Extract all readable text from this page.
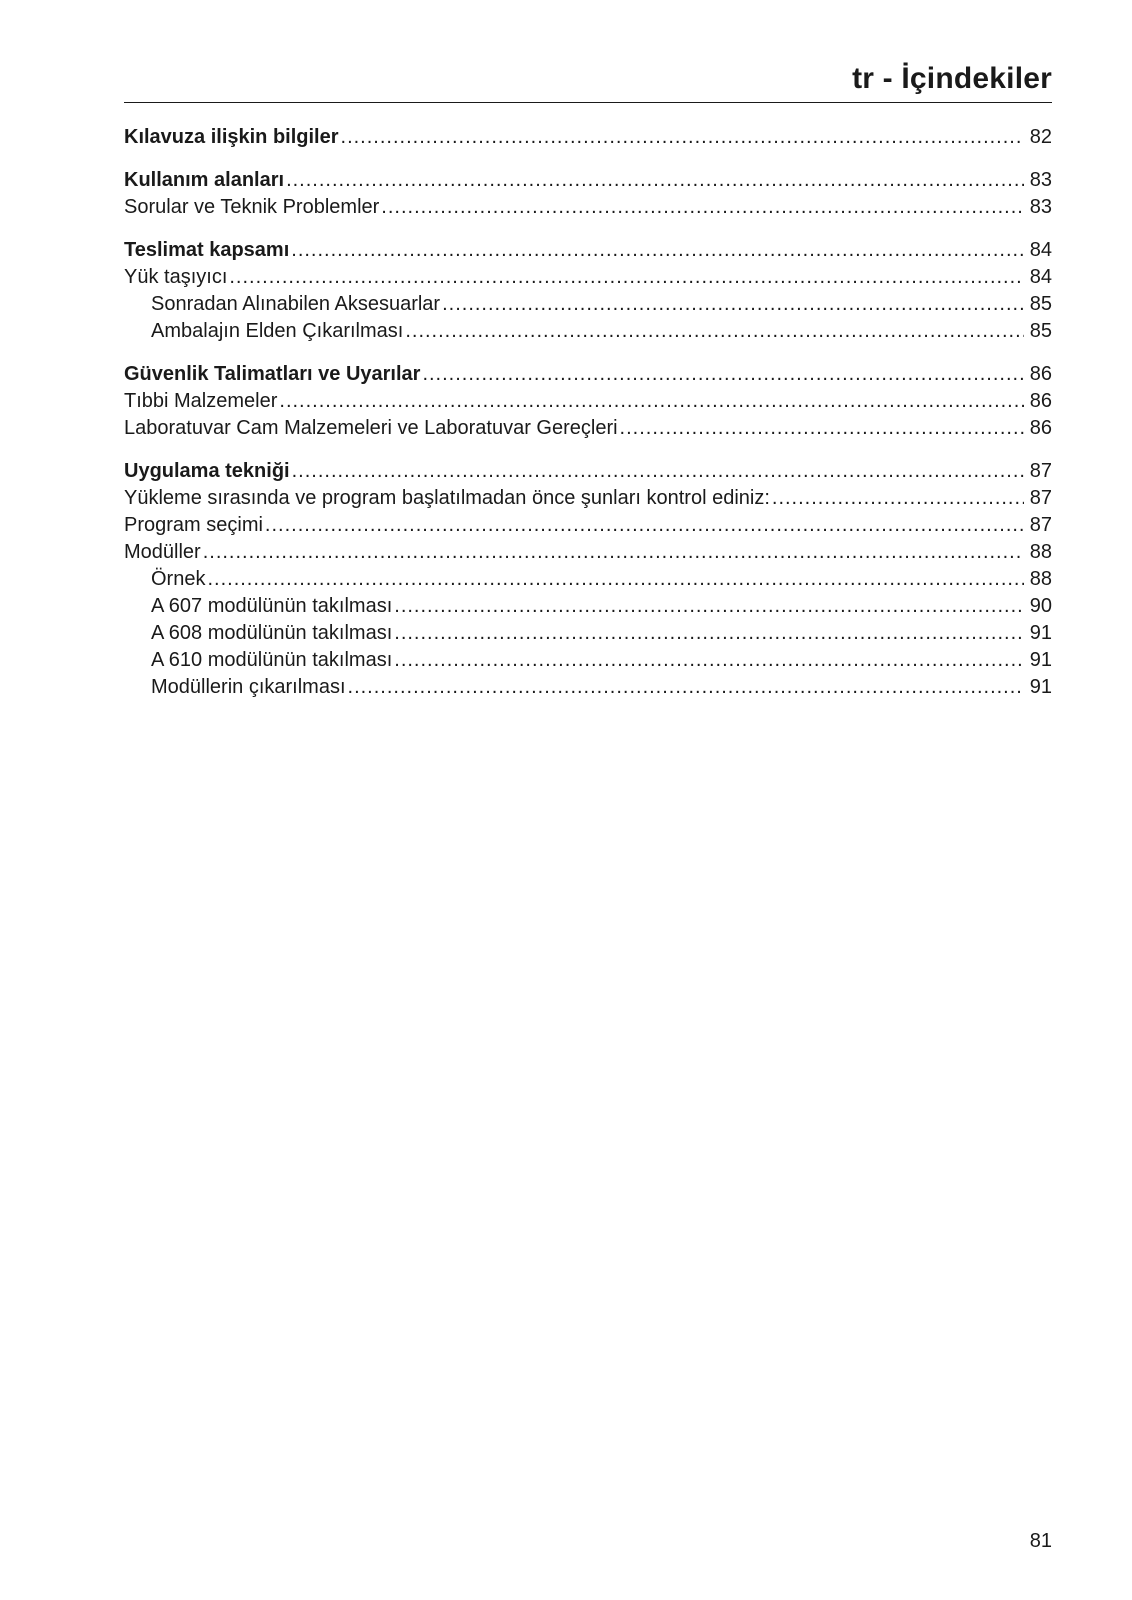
tr - İçindekiler
Kılavuza ilişkin bilgiler .....	82
Kullanım alanları .....	83
Sorular ve Teknik Problemler .....	83
Teslimat kapsamı .....	84
Yük taşıyıcı .....	84
Sonradan Alınabilen Aksesuarlar .....	85
Ambalajın Elden Çıkarılması .....	85
Güvenlik Talimatları ve Uyarılar .....	86
Tıbbi Malzemeler .....	86
Laboratuvar Cam Malzemeleri ve Laboratuvar Gereçleri .....	86
Uygulama tekniği .....	87
Yükleme sırasında ve program başlatılmadan önce şunları kontrol ediniz: .....	87
Program seçimi .....	87
Modüller .....	88
Örnek .....	88
A 607 modülünün takılması .....	90
A 608 modülünün takılması .....	91
A 610 modülünün takılması .....	91
Modüllerin çıkarılması .....	91
81
